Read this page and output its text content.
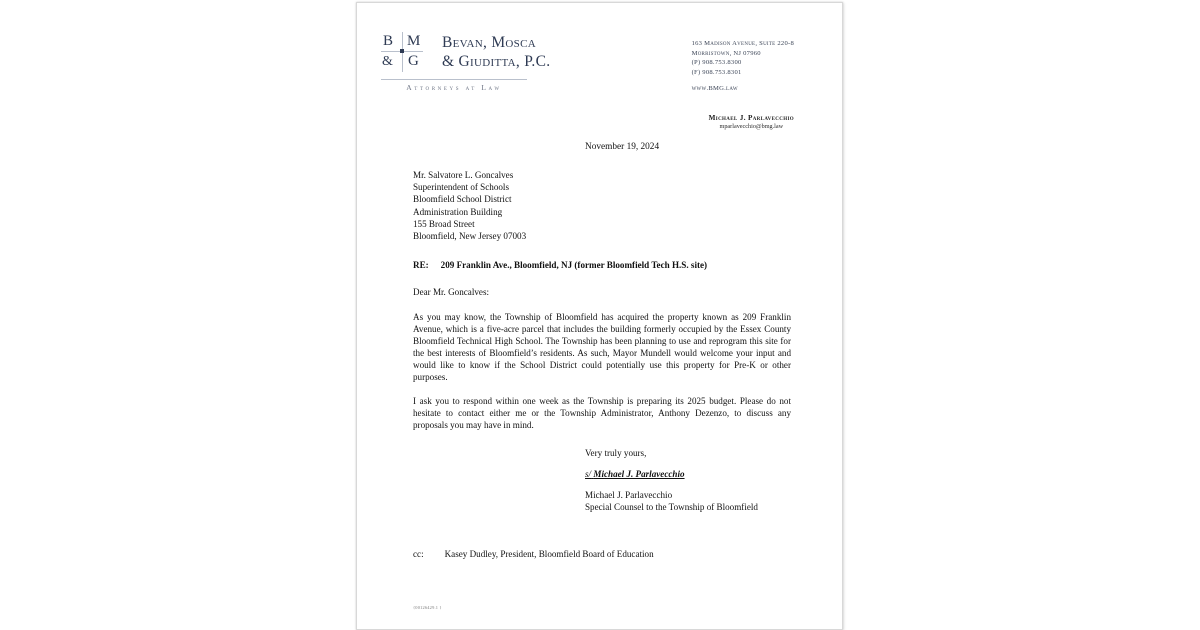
B M
& G
Bevan, Mosca
& Giuditta, P.C.
Attorneys at Law
163 Madison Avenue, Suite 220-8
Morristown, NJ 07960
(P) 908.753.8300
(F) 908.753.8301
www.BMG.law
Michael J. Parlavecchio
mparlavecchio@bmg.law
November 19, 2024
Mr. Salvatore L. Goncalves
Superintendent of Schools
Bloomfield School District
Administration Building
155 Broad Street
Bloomfield, New Jersey 07003
RE: 209 Franklin Ave., Bloomfield, NJ (former Bloomfield Tech H.S. site)
Dear Mr. Goncalves:

As you may know, the Township of Bloomfield has acquired the property known as 209 Franklin Avenue, which is a five-acre parcel that includes the building formerly occupied by the Essex County Bloomfield Technical High School. The Township has been planning to use and reprogram this site for the best interests of Bloomfield’s residents. As such, Mayor Mundell would welcome your input and would like to know if the School District could potentially use this property for Pre-K or other purposes.

I ask you to respond within one week as the Township is preparing its 2025 budget. Please do not hesitate to contact either me or the Township Administrator, Anthony Dezenzo, to discuss any proposals you may have in mind.

Very truly yours,
s/ Michael J. Parlavecchio
Michael J. Parlavecchio
Special Counsel to the Township of Bloomfield
cc: Kasey Dudley, President, Bloomfield Board of Education
{00126429.1 }
